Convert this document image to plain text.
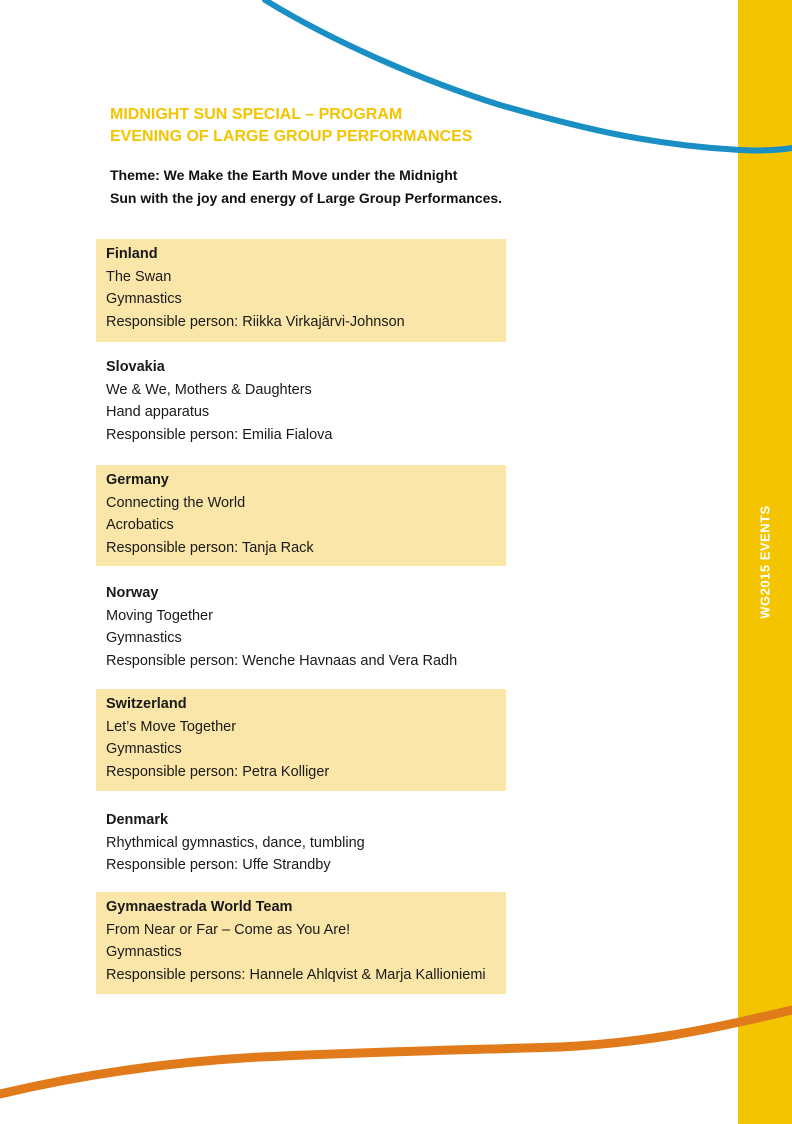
WG2015 EVENTS
MIDNIGHT SUN SPECIAL – PROGRAM
EVENING OF LARGE GROUP PERFORMANCES
Theme: We Make the Earth Move under the Midnight
Sun with the joy and energy of Large Group Performances.
Finland
The Swan
Gymnastics
Responsible person: Riikka Virkajärvi-Johnson
Slovakia
We & We, Mothers & Daughters
Hand apparatus
Responsible person: Emilia Fialova
Germany
Connecting the World
Acrobatics
Responsible person: Tanja Rack
Norway
Moving Together
Gymnastics
Responsible person: Wenche Havnaas and Vera Radh
Switzerland
Let’s Move Together
Gymnastics
Responsible person: Petra Kolliger
Denmark
Rhythmical gymnastics, dance, tumbling
Responsible person: Uffe Strandby
Gymnaestrada World Team
From Near or Far – Come as You Are!
Gymnastics
Responsible persons: Hannele Ahlqvist & Marja Kallioniemi
